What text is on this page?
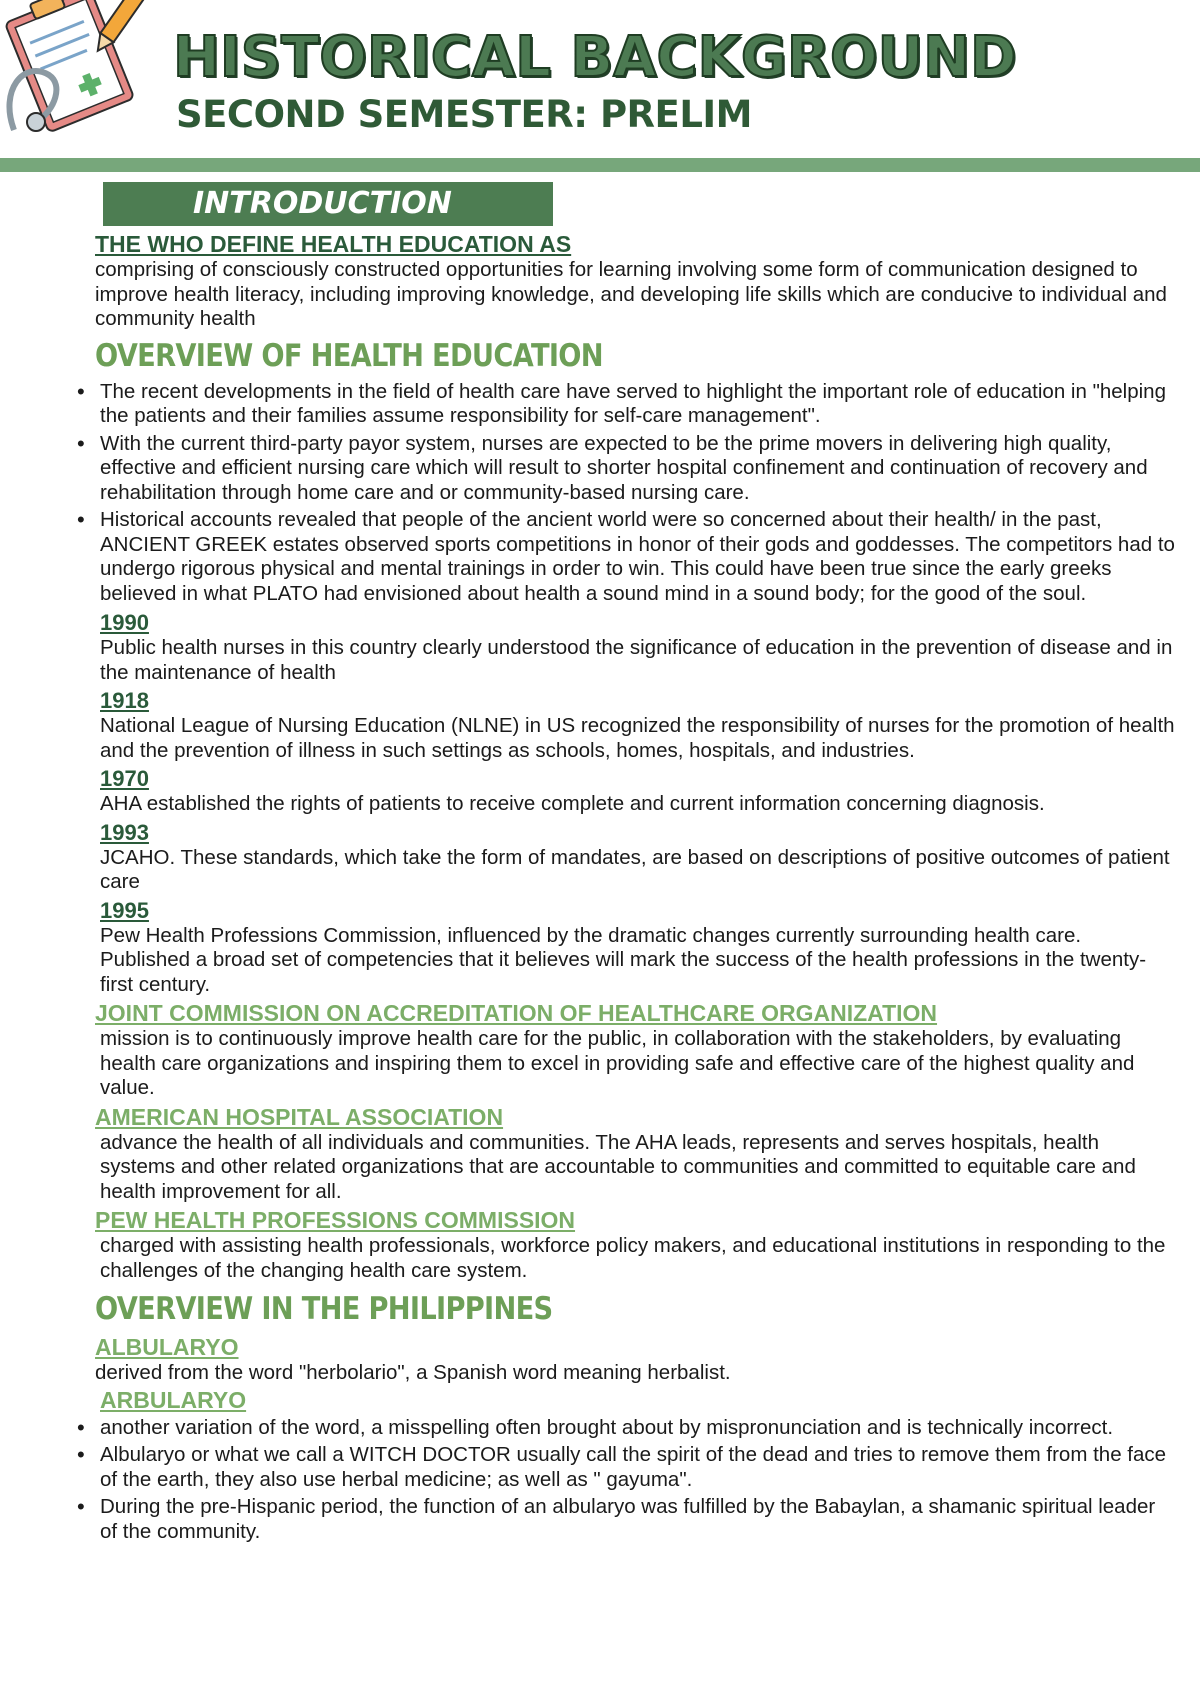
HISTORICAL BACKGROUND
SECOND SEMESTER: PRELIM
INTRODUCTION
THE WHO DEFINE HEALTH EDUCATION AS

comprising of consciously constructed opportunities for learning involving some form of communication designed to improve health literacy, including improving knowledge, and developing life skills which are conducive to individual and community health

OVERVIEW OF HEALTH EDUCATION
• The recent developments in the field of health care have served to highlight the important role of education in "helping the patients and their families assume responsibility for self-care management".
• With the current third-party payor system, nurses are expected to be the prime movers in delivering high quality, effective and efficient nursing care which will result to shorter hospital confinement and continuation of recovery and rehabilitation through home care and or community-based nursing care.
• Historical accounts revealed that people of the ancient world were so concerned about their health/ in the past, ANCIENT GREEK estates observed sports competitions in honor of their gods and goddesses. The competitors had to undergo rigorous physical and mental trainings in order to win. This could have been true since the early greeks believed in what PLATO had envisioned about health a sound mind in a sound body; for the good of the soul.
1990

Public health nurses in this country clearly understood the significance of education in the prevention of disease and in the maintenance of health

1918

National League of Nursing Education (NLNE) in US recognized the responsibility of nurses for the promotion of health and the prevention of illness in such settings as schools, homes, hospitals, and industries.

1970

AHA established the rights of patients to receive complete and current information concerning diagnosis.

1993

JCAHO. These standards, which take the form of mandates, are based on descriptions of positive outcomes of patient care

1995

Pew Health Professions Commission, influenced by the dramatic changes currently surrounding health care. Published a broad set of competencies that it believes will mark the success of the health professions in the twenty-first century.

JOINT COMMISSION ON ACCREDITATION OF HEALTHCARE ORGANIZATION

mission is to continuously improve health care for the public, in collaboration with the stakeholders, by evaluating health care organizations and inspiring them to excel in providing safe and effective care of the highest quality and value.

AMERICAN HOSPITAL ASSOCIATION

advance the health of all individuals and communities. The AHA leads, represents and serves hospitals, health systems and other related organizations that are accountable to communities and committed to equitable care and health improvement for all.

PEW HEALTH PROFESSIONS COMMISSION

charged with assisting health professionals, workforce policy makers, and educational institutions in responding to the challenges of the changing health care system.

OVERVIEW IN THE PHILIPPINES
ALBULARYO

derived from the word "herbolario", a Spanish word meaning herbalist.

ARBULARYO
• another variation of the word, a misspelling often brought about by mispronunciation and is technically incorrect.
• Albularyo or what we call a WITCH DOCTOR usually call the spirit of the dead and tries to remove them from the face of the earth, they also use herbal medicine; as well as " gayuma".
• During the pre-Hispanic period, the function of an albularyo was fulfilled by the Babaylan, a shamanic spiritual leader of the community.
